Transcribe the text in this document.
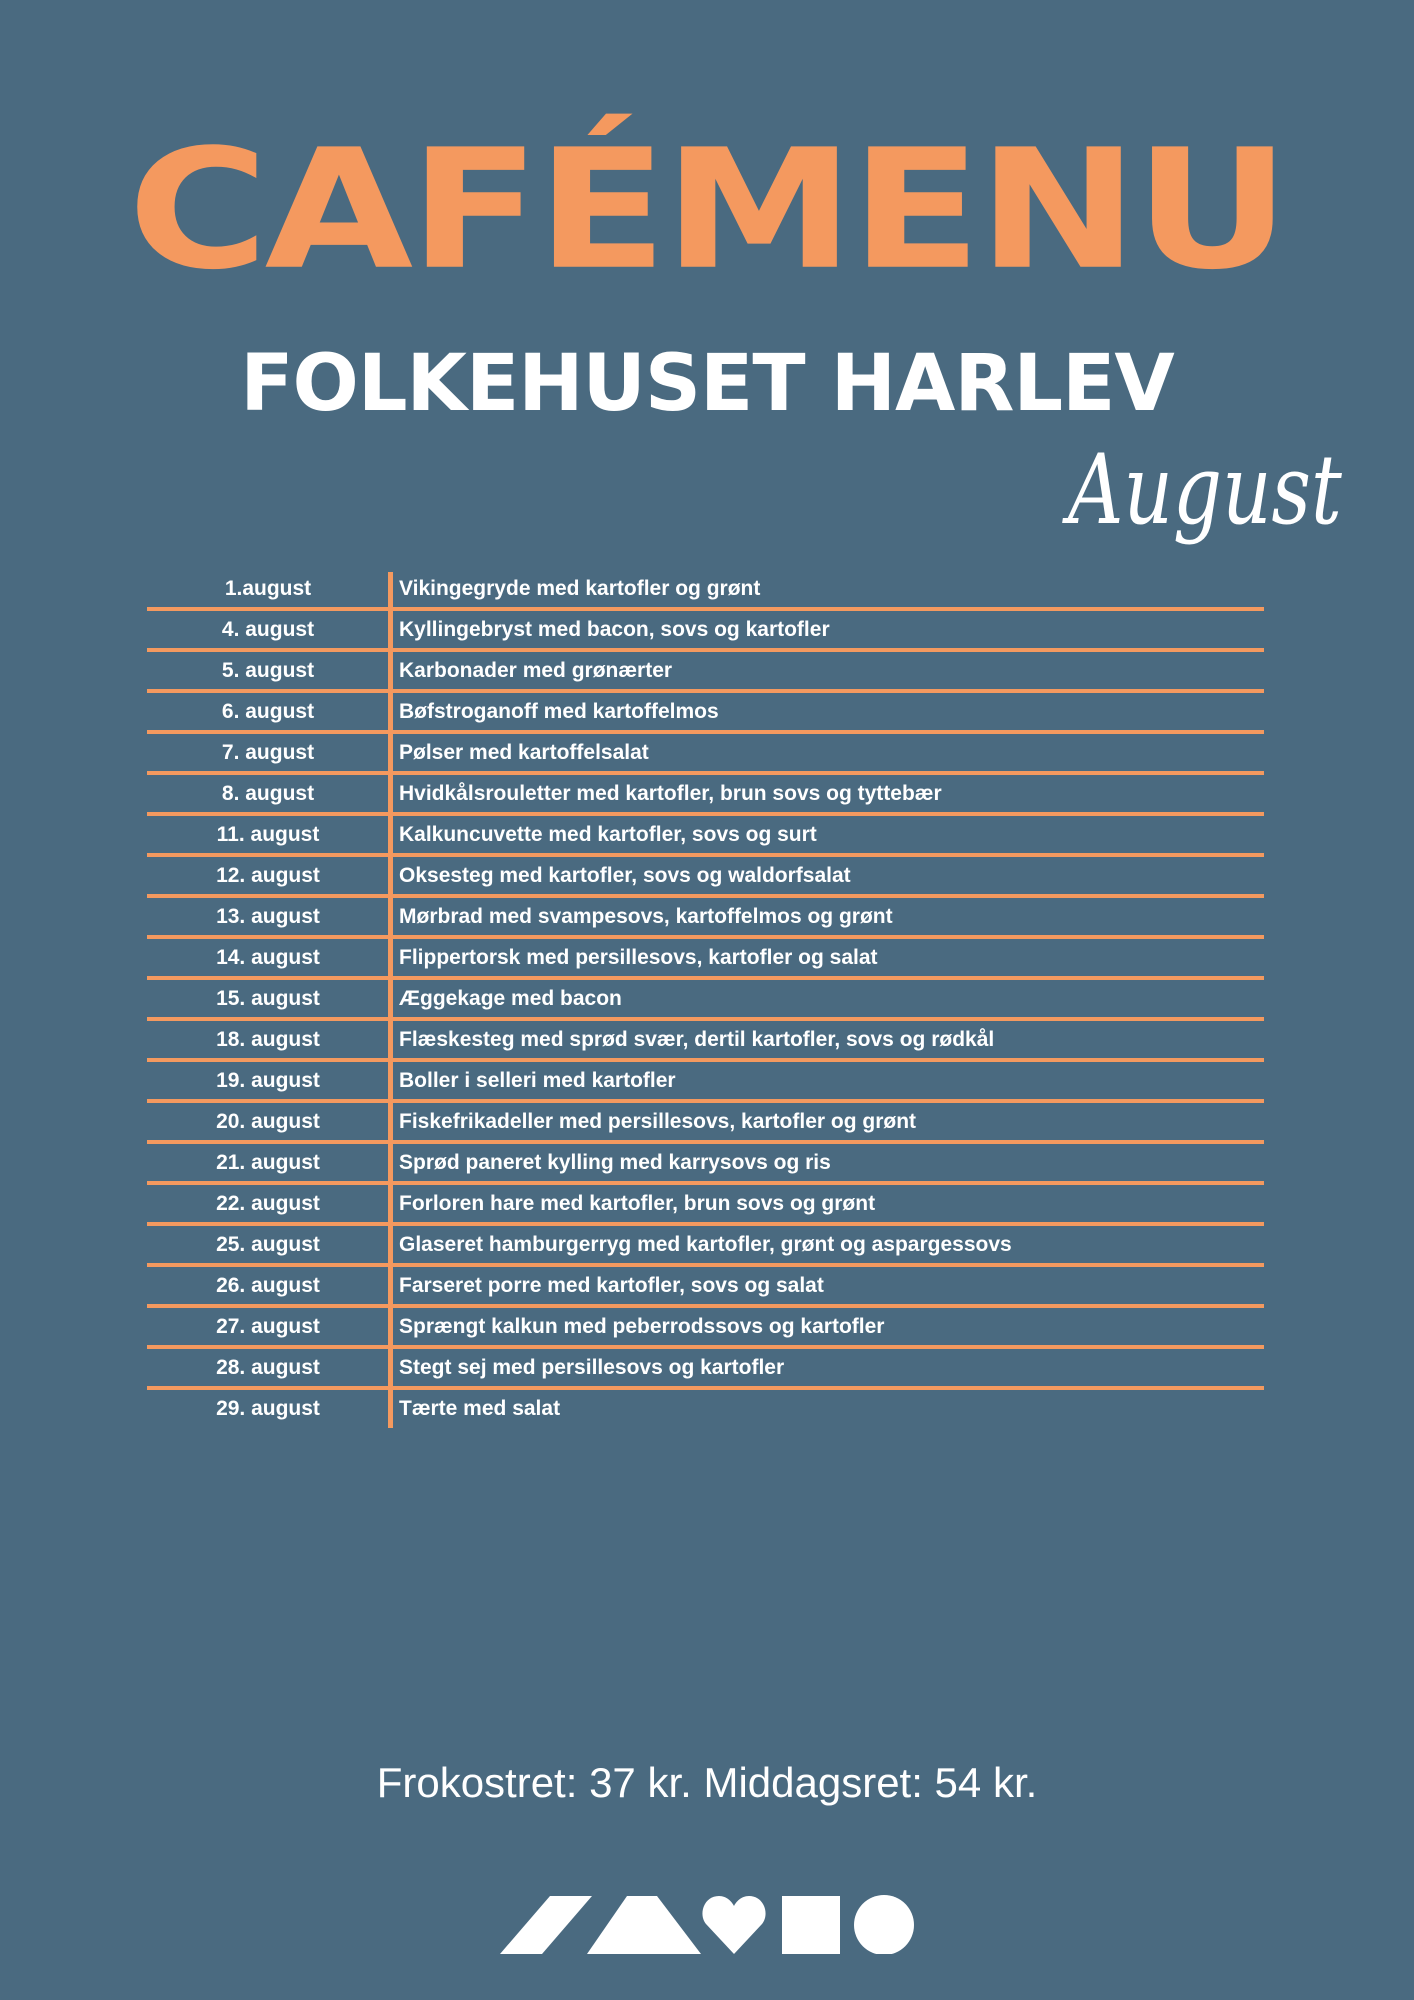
CAFÉMENU
FOLKEHUSET HARLEV
August
1.august	Vikingegryde med kartofler og grønt
4. august	Kyllingebryst med bacon, sovs og kartofler
5. august	Karbonader med grønærter
6. august	Bøfstroganoff med kartoffelmos
7. august	Pølser med kartoffelsalat
8. august	Hvidkålsrouletter med kartofler, brun sovs og tyttebær
11. august	Kalkuncuvette med kartofler, sovs og surt
12. august	Oksesteg med kartofler, sovs og waldorfsalat
13. august	Mørbrad med svampesovs, kartoffelmos og grønt
14. august	Flippertorsk med persillesovs, kartofler og salat
15. august	Æggekage med bacon
18. august	Flæskesteg med sprød svær, dertil kartofler, sovs og rødkål
19. august	Boller i selleri med kartofler
20. august	Fiskefrikadeller med persillesovs, kartofler og grønt
21. august	Sprød paneret kylling med karrysovs og ris
22. august	Forloren hare med kartofler, brun sovs og grønt
25. august	Glaseret hamburgerryg med kartofler, grønt og aspargessovs
26. august	Farseret porre med kartofler, sovs og salat
27. august	Sprængt kalkun med peberrodssovs og kartofler
28. august	Stegt sej med persillesovs og kartofler
29. august	Tærte med salat
Frokostret: 37 kr. Middagsret: 54 kr.
